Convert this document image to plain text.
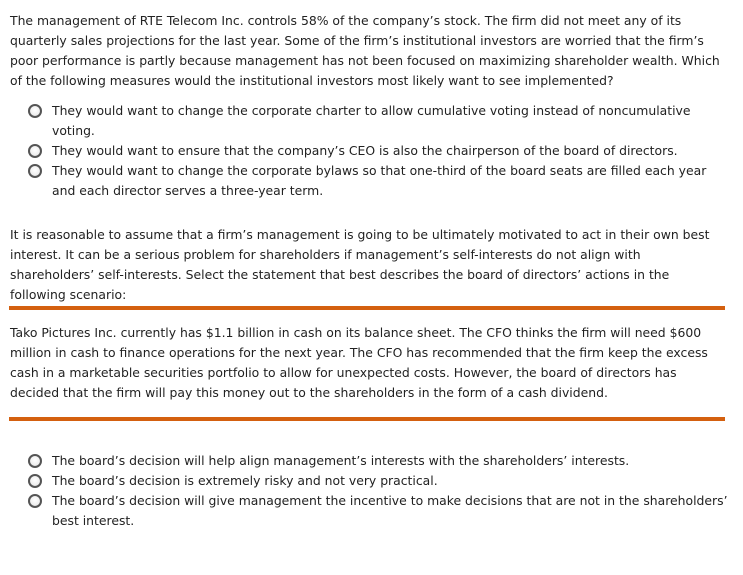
The management of RTE Telecom Inc. controls 58% of the company’s stock. The firm did not meet any of its quarterly sales projections for the last year. Some of the firm’s institutional investors are worried that the firm’s poor performance is partly because management has not been focused on maximizing shareholder wealth. Which of the following measures would the institutional investors most likely want to see implemented?

They would want to change the corporate charter to allow cumulative voting instead of noncumulative voting.
They would want to ensure that the company’s CEO is also the chairperson of the board of directors.
They would want to change the corporate bylaws so that one-third of the board seats are filled each year and each director serves a three-year term.

It is reasonable to assume that a firm’s management is going to be ultimately motivated to act in their own best interest. It can be a serious problem for shareholders if management’s self-interests do not align with shareholders’ self-interests. Select the statement that best describes the board of directors’ actions in the following scenario:

Tako Pictures Inc. currently has $1.1 billion in cash on its balance sheet. The CFO thinks the firm will need $600 million in cash to finance operations for the next year. The CFO has recommended that the firm keep the excess cash in a marketable securities portfolio to allow for unexpected costs. However, the board of directors has decided that the firm will pay this money out to the shareholders in the form of a cash dividend.

The board’s decision will help align management’s interests with the shareholders’ interests.
The board’s decision is extremely risky and not very practical.
The board’s decision will give management the incentive to make decisions that are not in the shareholders’ best interest.
